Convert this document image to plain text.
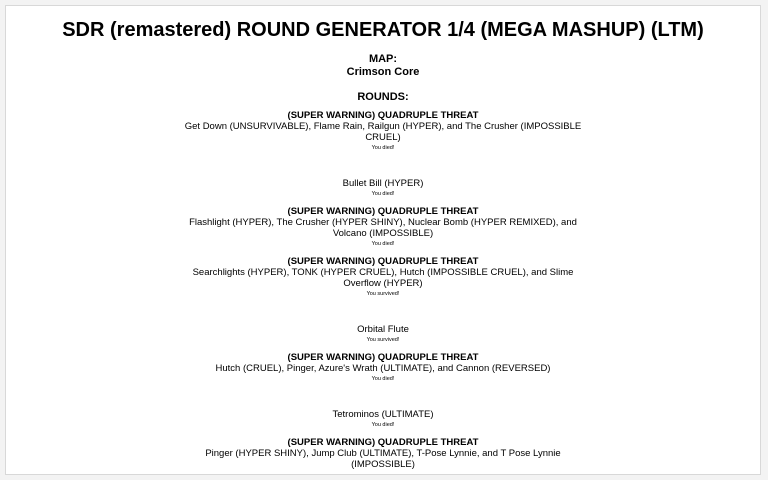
SDR (remastered) ROUND GENERATOR 1/4 (MEGA MASHUP) (LTM)
MAP:
Crimson Core
ROUNDS:
(SUPER WARNING) QUADRUPLE THREAT
Get Down (UNSURVIVABLE), Flame Rain, Railgun (HYPER), and The Crusher (IMPOSSIBLE CRUEL)
You died!
Bullet Bill (HYPER)
You died!
(SUPER WARNING) QUADRUPLE THREAT
Flashlight (HYPER), The Crusher (HYPER SHINY), Nuclear Bomb (HYPER REMIXED), and Volcano (IMPOSSIBLE)
You died!
(SUPER WARNING) QUADRUPLE THREAT
Searchlights (HYPER), TONK (HYPER CRUEL), Hutch (IMPOSSIBLE CRUEL), and Slime Overflow (HYPER)
You survived!
Orbital Flute
You survived!
(SUPER WARNING) QUADRUPLE THREAT
Hutch (CRUEL), Pinger, Azure's Wrath (ULTIMATE), and Cannon (REVERSED)
You died!
Tetrominos (ULTIMATE)
You died!
(SUPER WARNING) QUADRUPLE THREAT
Pinger (HYPER SHINY), Jump Club (ULTIMATE), T-Pose Lynnie, and T Pose Lynnie (IMPOSSIBLE)
